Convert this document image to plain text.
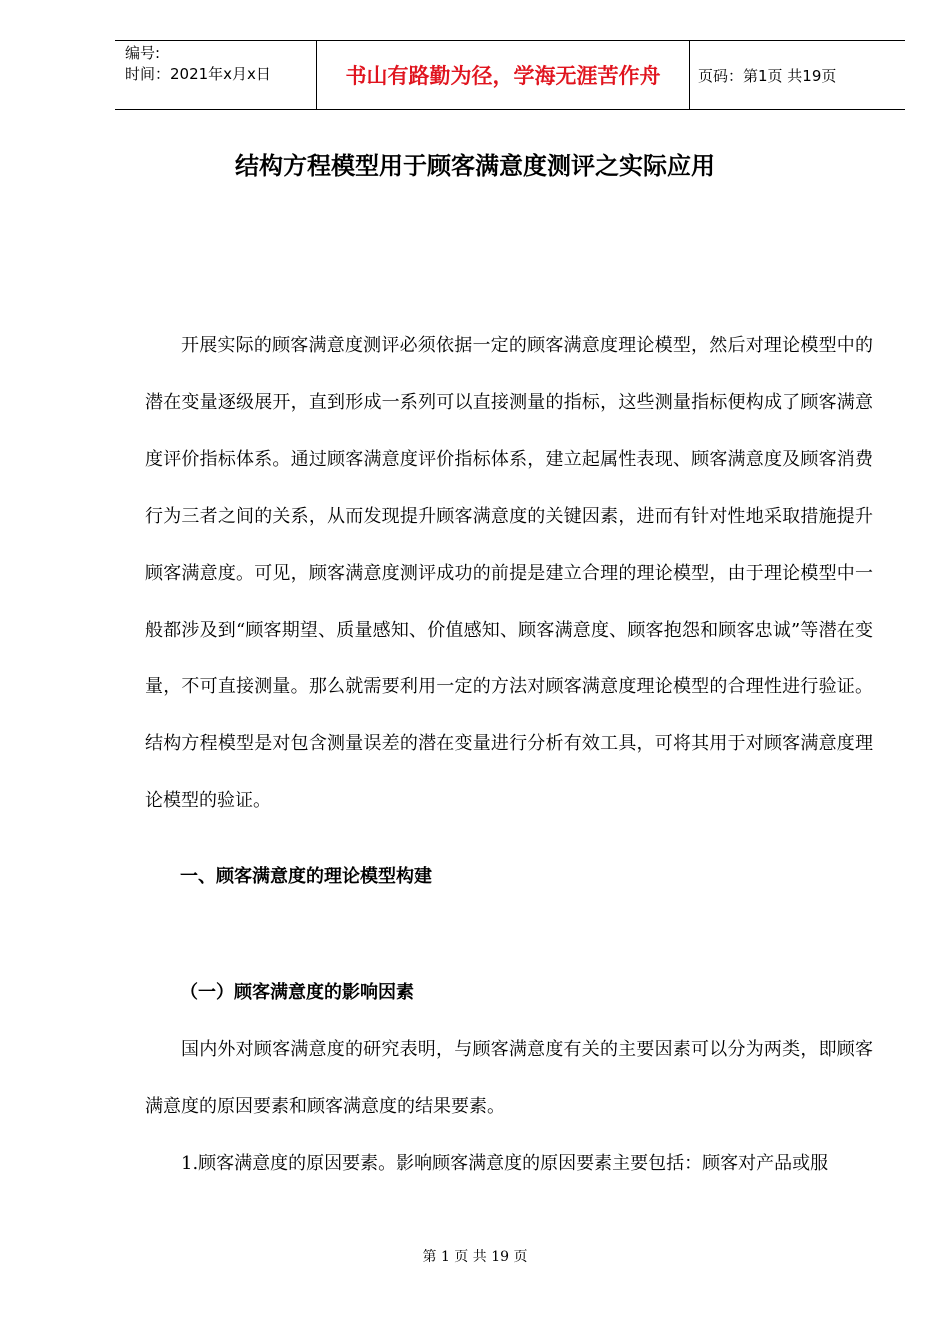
编号:
时间：2021年x月x日	书山有路勤为径，学海无涯苦作舟	页码：第1页 共19页
结构方程模型用于顾客满意度测评之实际应用

开展实际的顾客满意度测评必须依据一定的顾客满意度理论模型，然后对理论模型中的潜在变量逐级展开，直到形成一系列可以直接测量的指标，这些测量指标便构成了顾客满意度评价指标体系。通过顾客满意度评价指标体系，建立起属性表现、顾客满意度及顾客消费行为三者之间的关系，从而发现提升顾客满意度的关键因素，进而有针对性地采取措施提升顾客满意度。可见，顾客满意度测评成功的前提是建立合理的理论模型，由于理论模型中一般都涉及到“顾客期望、质量感知、价值感知、顾客满意度、顾客抱怨和顾客忠诚”等潜在变量，不可直接测量。那么就需要利用一定的方法对顾客满意度理论模型的合理性进行验证。结构方程模型是对包含测量误差的潜在变量进行分析有效工具，可将其用于对顾客满意度理论模型的验证。

一、顾客满意度的理论模型构建
（一）顾客满意度的影响因素

国内外对顾客满意度的研究表明，与顾客满意度有关的主要因素可以分为两类，即顾客满意度的原因要素和顾客满意度的结果要素。

1.顾客满意度的原因要素。影响顾客满意度的原因要素主要包括：顾客对产品或服

第 1 页 共 19 页
